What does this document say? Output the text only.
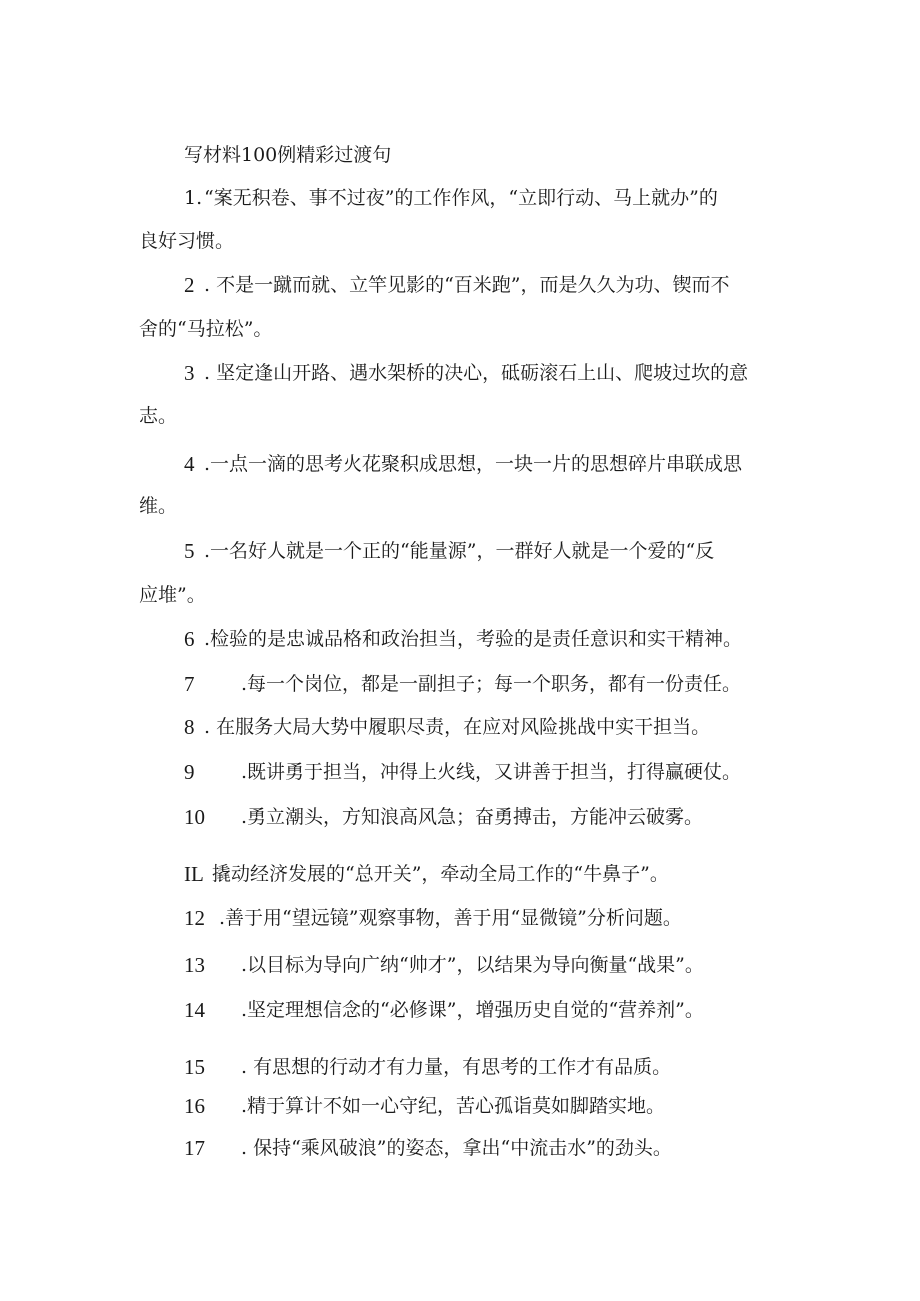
写材料100例精彩过渡句
1. “案无积卷、事不过夜”的工作作风，“立即行动、马上就办”的
良好习惯。
2 . 不是一蹴而就、立竿见影的“百米跑”，而是久久为功、锲而不
舍的“马拉松”。
3 . 坚定逢山开路、遇水架桥的决心，砥砺滚石上山、爬坡过坎的意
志。
4 .一点一滴的思考火花聚积成思想，一块一片的思想碎片串联成思
维。
5 .一名好人就是一个正的“能量源”，一群好人就是一个爱的“反
应堆”。
6 .检验的是忠诚品格和政治担当，考验的是责任意识和实干精神。
7 .每一个岗位，都是一副担子；每一个职务，都有一份责任。
8 . 在服务大局大势中履职尽责，在应对风险挑战中实干担当。
9 .既讲勇于担当，冲得上火线，又讲善于担当，打得赢硬仗。
10 .勇立潮头，方知浪高风急；奋勇搏击，方能冲云破雾。
IL 撬动经济发展的“总开关”，牵动全局工作的“牛鼻子”。
12 .善于用“望远镜”观察事物，善于用“显微镜”分析问题。
13 .以目标为导向广纳“帅才”，以结果为导向衡量“战果”。
14 .坚定理想信念的“必修课”，增强历史自觉的“营养剂”。
15 . 有思想的行动才有力量，有思考的工作才有品质。
16 .精于算计不如一心守纪，苦心孤诣莫如脚踏实地。
17 . 保持“乘风破浪”的姿态，拿出“中流击水”的劲头。
